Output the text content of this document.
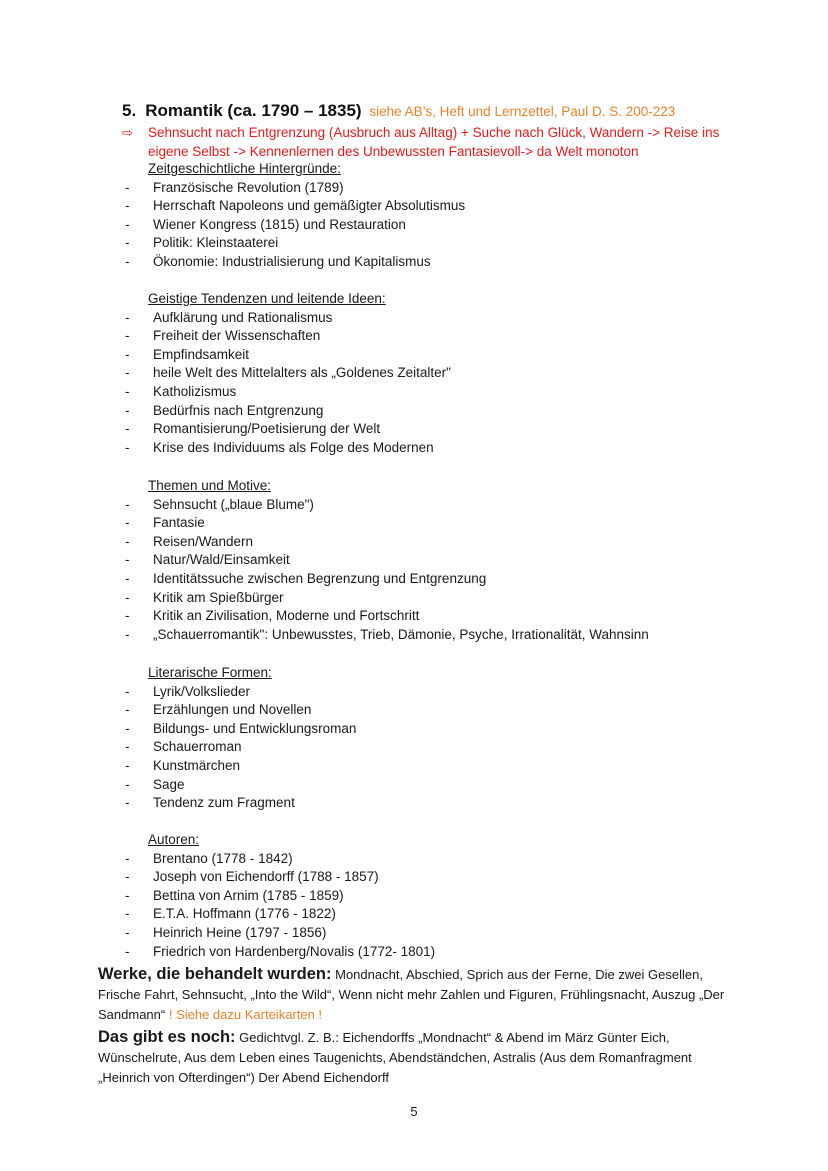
5. Romantik (ca. 1790 – 1835) siehe AB’s, Heft und Lernzettel, Paul D. S. 200-223
⇨	Sehnsucht nach Entgrenzung (Ausbruch aus Alltag) + Suche nach Glück, Wandern -> Reise ins
eigene Selbst -> Kennenlernen des Unbewussten Fantasievoll-> da Welt monoton
Zeitgeschichtliche Hintergründe:
-	Französische Revolution (1789)
-	Herrschaft Napoleons und gemäßigter Absolutismus
-	Wiener Kongress (1815) und Restauration
-	Politik: Kleinstaaterei
-	Ökonomie: Industrialisierung und Kapitalismus
Geistige Tendenzen und leitende Ideen:
-	Aufklärung und Rationalismus
-	Freiheit der Wissenschaften
-	Empfindsamkeit
-	heile Welt des Mittelalters als „Goldenes Zeitalter"
-	Katholizismus
-	Bedürfnis nach Entgrenzung
-	Romantisierung/Poetisierung der Welt
-	Krise des Individuums als Folge des Modernen
Themen und Motive:
-	Sehnsucht („blaue Blume")
-	Fantasie
-	Reisen/Wandern
-	Natur/Wald/Einsamkeit
-	Identitätssuche zwischen Begrenzung und Entgrenzung
-	Kritik am Spießbürger
-	Kritik an Zivilisation, Moderne und Fortschritt
-	„Schauerromantik": Unbewusstes, Trieb, Dämonie, Psyche, Irrationalität, Wahnsinn
Literarische Formen:
-	Lyrik/Volkslieder
-	Erzählungen und Novellen
-	Bildungs- und Entwicklungsroman
-	Schauerroman
-	Kunstmärchen
-	Sage
-	Tendenz zum Fragment
Autoren:
-	Brentano (1778 - 1842)
-	Joseph von Eichendorff (1788 - 1857)
-	Bettina von Arnim (1785 - 1859)
-	E.T.A. Hoffmann (1776 - 1822)
-	Heinrich Heine (1797 - 1856)
-	Friedrich von Hardenberg/Novalis (1772- 1801)
Werke, die behandelt wurden: Mondnacht, Abschied, Sprich aus der Ferne, Die zwei Gesellen, Frische Fahrt, Sehnsucht, „Into the Wild“, Wenn nicht mehr Zahlen und Figuren, Frühlingsnacht, Auszug „Der Sandmann“ ! Siehe dazu Karteikarten !
Das gibt es noch: Gedichtvgl. Z. B.: Eichendorffs „Mondnacht“ & Abend im März Günter Eich, Wünschelrute, Aus dem Leben eines Taugenichts, Abendständchen, Astralis (Aus dem Romanfragment „Heinrich von Ofterdingen“) Der Abend Eichendorff
5
